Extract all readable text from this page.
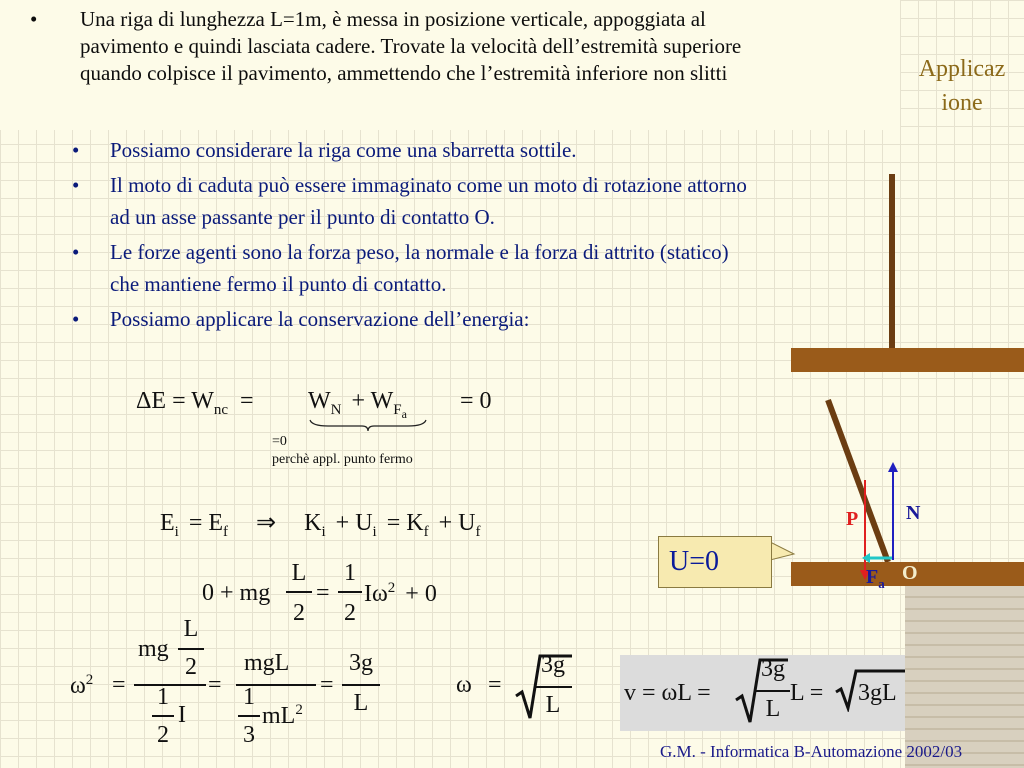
• Una riga di lunghezza L=1m, è messa in posizione verticale, appoggiata al
pavimento e quindi lasciata cadere. Trovate la velocità dell’estremità superiore
quando colpisce il pavimento, ammettendo che l’estremità inferiore non slitti	Applicaz
ione
• Possiamo considerare la riga come una sbarretta sottile.
• Il moto di caduta può essere immaginato come un moto di rotazione attorno ad un asse passante per il punto di contatto O.
• Le forze agenti sono la forza peso, la normale e la forza di attrito (statico) che mantiene fermo il punto di contatto.
• Possiamo applicare la conservazione dell’energia:
$\Delta E = W_{nc} = W_N + W_{F_a} = 0$
=0
perchè appl. punto fermo
$E_i = E_f$ ⇒ $K_i + U_i = K_f + U_f$
0 + mg
L
2
=
1
2
$I\omega^2 + 0$
$\omega^2$ =
mg
L
2
1
2
I
=
mgL
1
3
$mL^2$
=
3g
L
ω =
3g
L	v = ωL =
3g
L
L = 3gL
P N
$F_a$ O
U=0
G.M. - Informatica B-Automazione 2002/03
